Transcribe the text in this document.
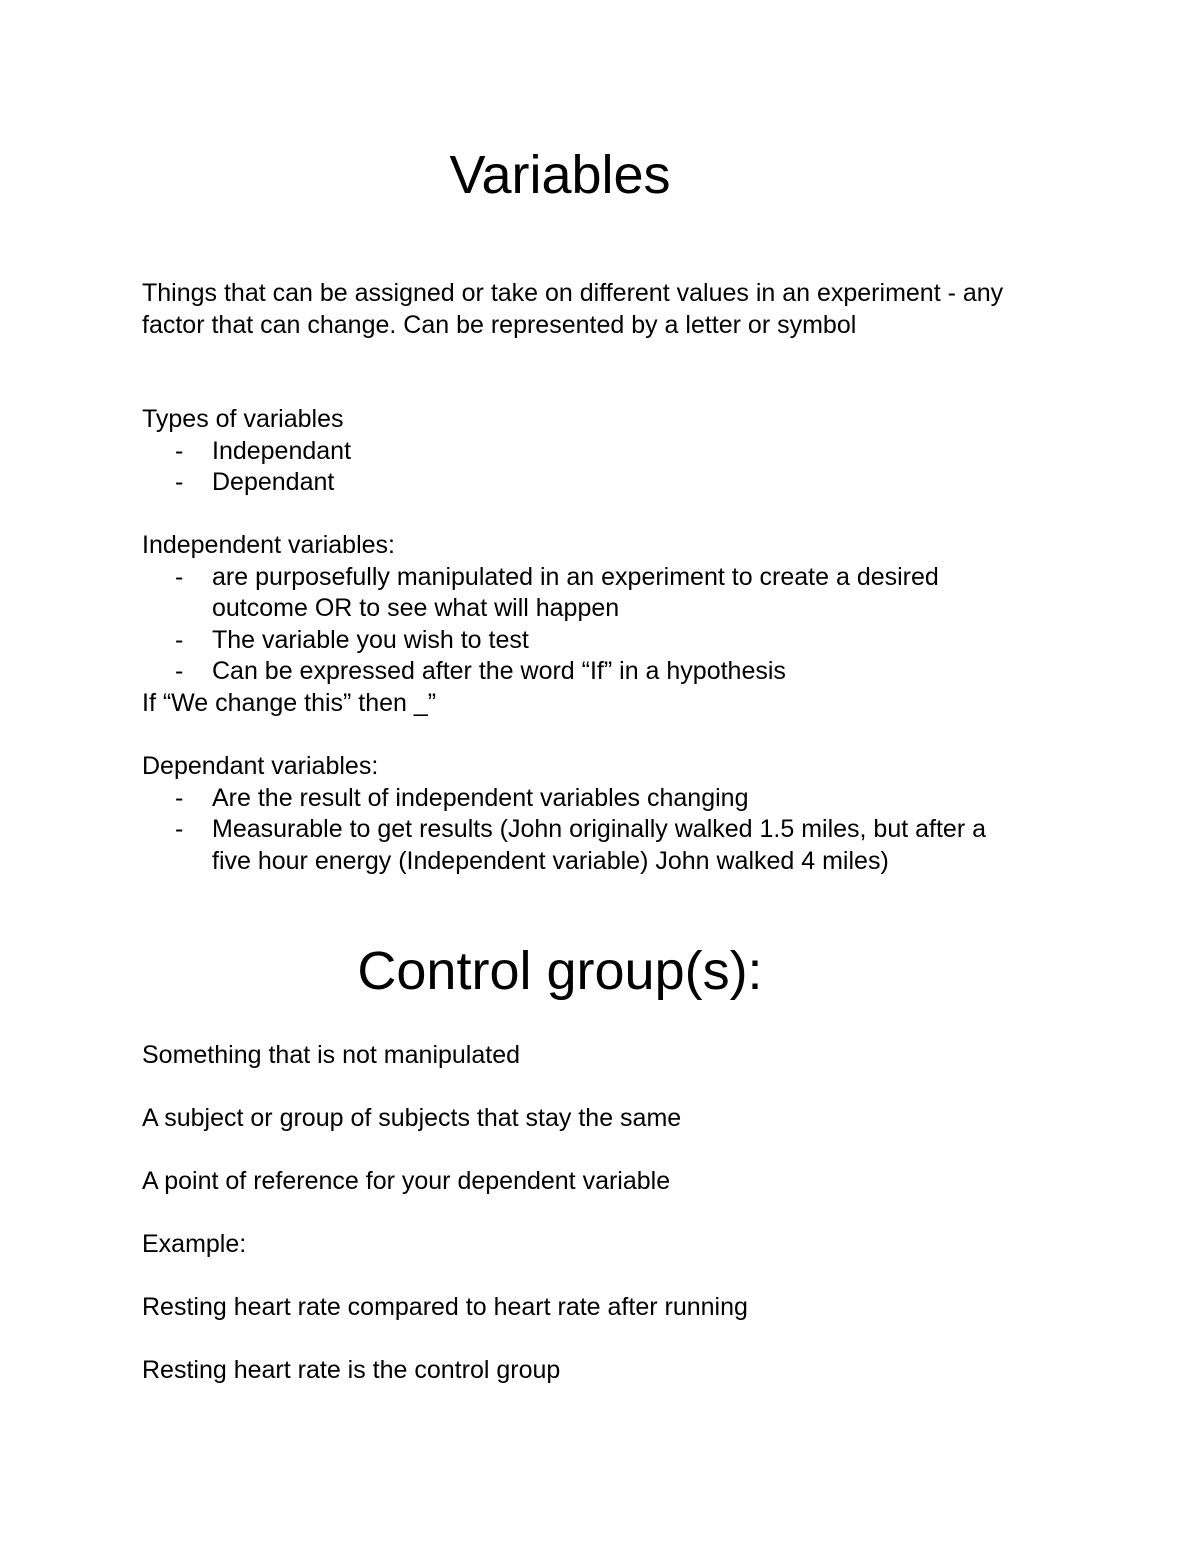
Variables

Things that can be assigned or take on different values in an experiment - any factor that can change. Can be represented by a letter or symbol

Types of variables
- Independant
- Dependant
Independent variables:
- are purposefully manipulated in an experiment to create a desired outcome OR to see what will happen
- The variable you wish to test
- Can be expressed after the word “If” in a hypothesis
If “We change this” then _”
Dependant variables:
- Are the result of independent variables changing
- Measurable to get results (John originally walked 1.5 miles, but after a five hour energy (Independent variable) John walked 4 miles)
Control group(s):

Something that is not manipulated

A subject or group of subjects that stay the same

A point of reference for your dependent variable

Example:

Resting heart rate compared to heart rate after running

Resting heart rate is the control group
